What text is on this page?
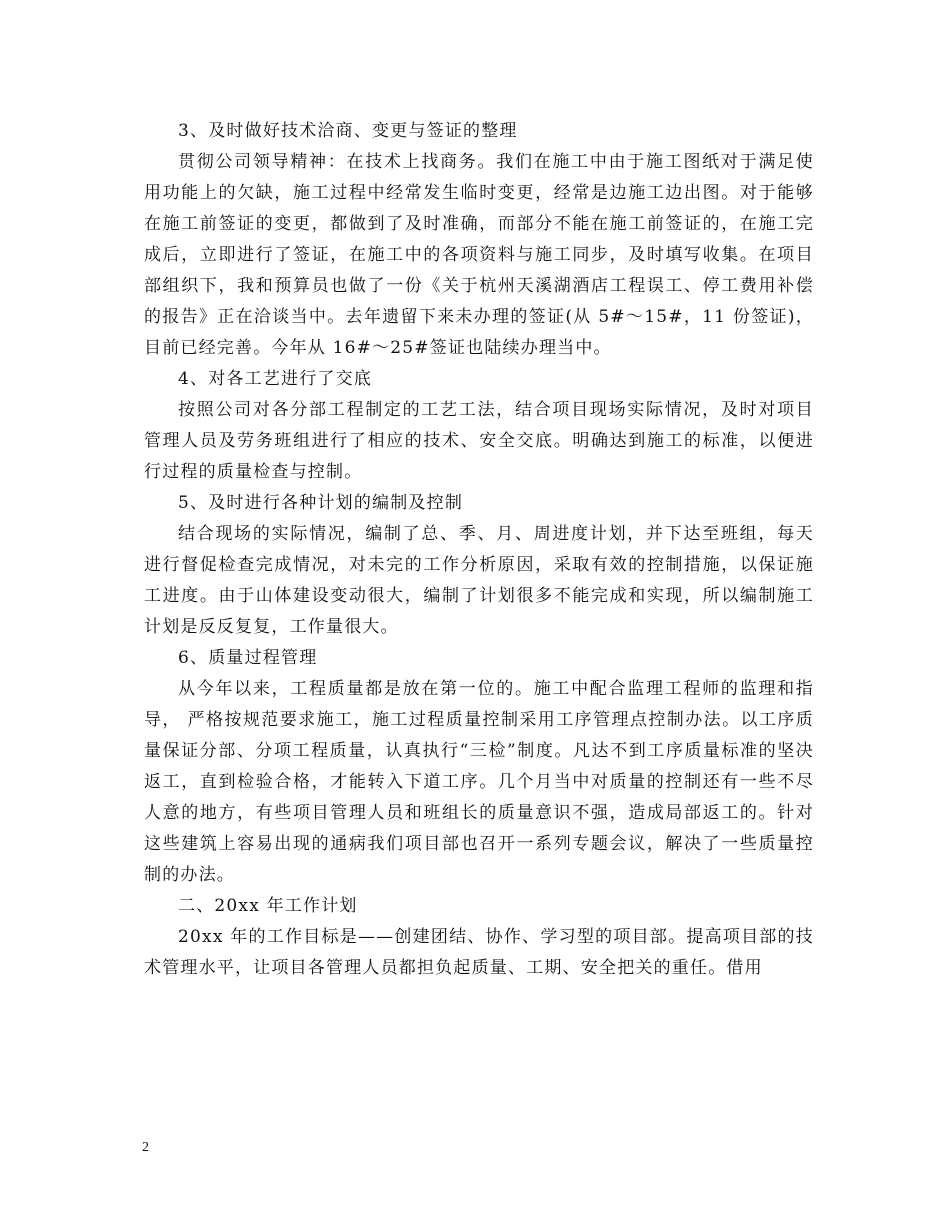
3、及时做好技术洽商、变更与签证的整理

贯彻公司领导精神：在技术上找商务。我们在施工中由于施工图纸对于满足使用功能上的欠缺，施工过程中经常发生临时变更，经常是边施工边出图。对于能够在施工前签证的变更，都做到了及时准确，而部分不能在施工前签证的，在施工完成后，立即进行了签证，在施工中的各项资料与施工同步，及时填写收集。在项目部组织下，我和预算员也做了一份《关于杭州天溪湖酒店工程误工、停工费用补偿的报告》正在洽谈当中。去年遗留下来未办理的签证(从 5#～15#，11 份签证)，目前已经完善。今年从 16#～25#签证也陆续办理当中。

4、对各工艺进行了交底

按照公司对各分部工程制定的工艺工法，结合项目现场实际情况，及时对项目管理人员及劳务班组进行了相应的技术、安全交底。明确达到施工的标准，以便进行过程的质量检查与控制。

5、及时进行各种计划的编制及控制

结合现场的实际情况，编制了总、季、月、周进度计划，并下达至班组，每天进行督促检查完成情况，对未完的工作分析原因，采取有效的控制措施，以保证施工进度。由于山体建设变动很大，编制了计划很多不能完成和实现，所以编制施工计划是反反复复，工作量很大。

6、质量过程管理

从今年以来，工程质量都是放在第一位的。施工中配合监理工程师的监理和指导， 严格按规范要求施工，施工过程质量控制采用工序管理点控制办法。以工序质量保证分部、分项工程质量，认真执行“三检”制度。凡达不到工序质量标准的坚决返工，直到检验合格，才能转入下道工序。几个月当中对质量的控制还有一些不尽人意的地方，有些项目管理人员和班组长的质量意识不强，造成局部返工的。针对这些建筑上容易出现的通病我们项目部也召开一系列专题会议，解决了一些质量控制的办法。

二、20xx 年工作计划

20xx 年的工作目标是——创建团结、协作、学习型的项目部。提高项目部的技术管理水平，让项目各管理人员都担负起质量、工期、安全把关的重任。借用

2
